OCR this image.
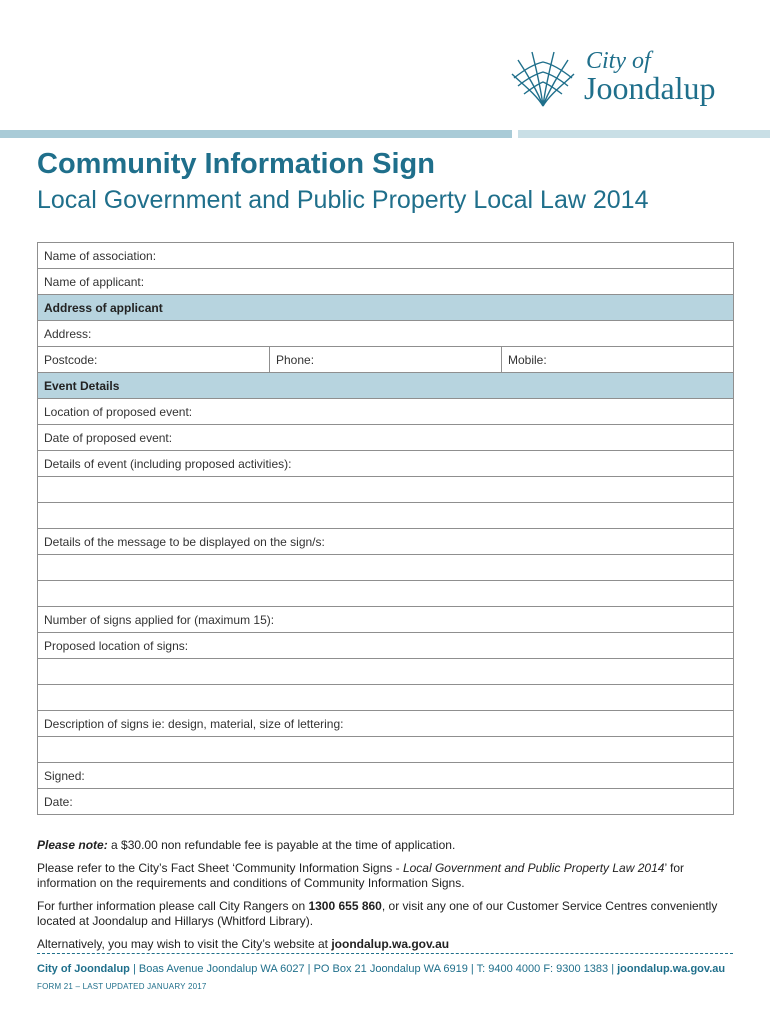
City of
Joondalup
Community Information Sign
Local Government and Public Property Local Law 2014
Name of association:
Name of applicant:
Address of applicant
Address:
Postcode:	Phone:	Mobile:
Event Details
Location of proposed event:
Date of proposed event:
Details of event (including proposed activities):

Details of the message to be displayed on the sign/s:

Number of signs applied for (maximum 15):
Proposed location of signs:

Description of signs ie: design, material, size of lettering:

Signed:
Date:

Please note: a $30.00 non refundable fee is payable at the time of application.

Please refer to the City’s Fact Sheet ‘Community Information Signs - Local Government and Public Property Law 2014’ for information on the requirements and conditions of Community Information Signs.

For further information please call City Rangers on 1300 655 860, or visit any one of our Customer Service Centres conveniently located at Joondalup and Hillarys (Whitford Library).

Alternatively, you may wish to visit the City’s website at joondalup.wa.gov.au

City of Joondalup | Boas Avenue Joondalup WA 6027 | PO Box 21 Joondalup WA 6919 | T: 9400 4000 F: 9300 1383 | joondalup.wa.gov.au
FORM 21 – LAST UPDATED JANUARY 2017
